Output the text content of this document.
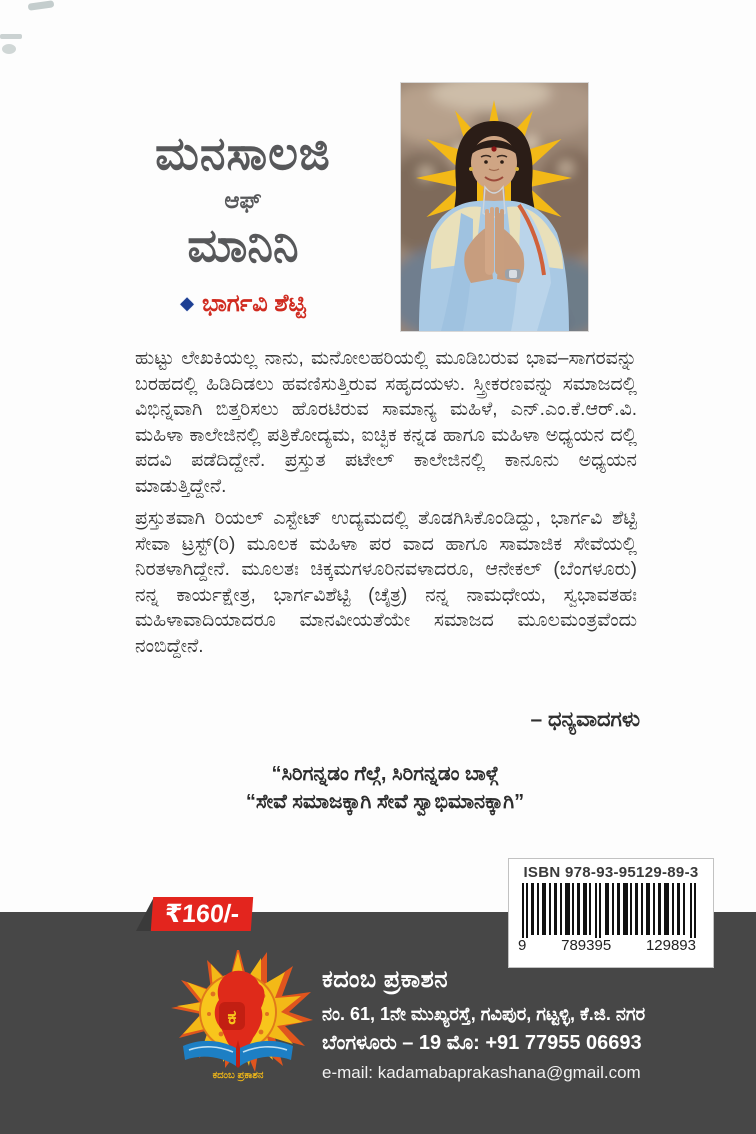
ಮನಸಾಲಜಿ
ಆಫ್
ಮಾನಿನಿ
◆ ಭಾರ್ಗವಿ ಶೆಟ್ಟಿ

ಹುಟ್ಟು ಲೇಖಕಿಯಲ್ಲ ನಾನು, ಮನೋಲಹರಿಯಲ್ಲಿ ಮೂಡಿಬರುವ ಭಾವ–ಸಾಗರವನ್ನು ಬರಹದಲ್ಲಿ ಹಿಡಿದಿಡಲು ಹವಣಿಸುತ್ತಿರುವ ಸಹೃದಯಳು. ಸ್ತ್ರೀಕರಣವನ್ನು ಸಮಾಜದಲ್ಲಿ ವಿಭಿನ್ನವಾಗಿ ಬಿತ್ತರಿಸಲು ಹೊರಟಿರುವ ಸಾಮಾನ್ಯ ಮಹಿಳೆ, ಎನ್.ಎಂ.ಕೆ.ಆರ್.ವಿ. ಮಹಿಳಾ ಕಾಲೇಜಿನಲ್ಲಿ ಪತ್ರಿಕೋದ್ಯಮ, ಐಚ್ಛಿಕ ಕನ್ನಡ ಹಾಗೂ ಮಹಿಳಾ ಅಧ್ಯಯನ ದಲ್ಲಿ ಪದವಿ ಪಡೆದಿದ್ದೇನೆ. ಪ್ರಸ್ತುತ ಪಟೇಲ್ ಕಾಲೇಜಿನಲ್ಲಿ ಕಾನೂನು ಅಧ್ಯಯನ ಮಾಡುತ್ತಿದ್ದೇನೆ.

ಪ್ರಸ್ತುತವಾಗಿ ರಿಯಲ್ ಎಸ್ಟೇಟ್ ಉದ್ಯಮದಲ್ಲಿ ತೊಡಗಿಸಿಕೊಂಡಿದ್ದು, ಭಾರ್ಗವಿ ಶೆಟ್ಟಿ ಸೇವಾ ಟ್ರಸ್ಟ್(ರಿ) ಮೂಲಕ ಮಹಿಳಾ ಪರ ವಾದ ಹಾಗೂ ಸಾಮಾಜಿಕ ಸೇವೆಯಲ್ಲಿ ನಿರತಳಾಗಿದ್ದೇನೆ. ಮೂಲತಃ ಚಿಕ್ಕಮಗಳೂರಿನವಳಾದರೂ, ಆನೇಕಲ್ (ಬೆಂಗಳೂರು) ನನ್ನ ಕಾರ್ಯಕ್ಷೇತ್ರ, ಭಾರ್ಗವಿಶೆಟ್ಟಿ (ಚೈತ್ರ) ನನ್ನ ನಾಮಧೇಯ, ಸ್ವಭಾವತಹಃ ಮಹಿಳಾವಾದಿಯಾದರೂ ಮಾನವೀಯತೆಯೇ ಸಮಾಜದ ಮೂಲಮಂತ್ರವೆಂದು ನಂಬಿದ್ದೇನೆ.

– ಧನ್ಯವಾದಗಳು
“ಸಿರಿಗನ್ನಡಂ ಗೆಲ್ಗೆ, ಸಿರಿಗನ್ನಡಂ ಬಾಳ್ಗೆ
“ಸೇವೆ ಸಮಾಜಕ್ಕಾಗಿ ಸೇವೆ ಸ್ವಾಭಿಮಾನಕ್ಕಾಗಿ”
₹160/-
ISBN 978-93-95129-89-3
9 789395 129893
ಕ
ಕದಂಬ ಪ್ರಕಾಶನ
ಕದಂಬ ಪ್ರಕಾಶನ
ನಂ. 61, 1ನೇ ಮುಖ್ಯರಸ್ತೆ, ಗವಿಪುರ, ಗಟ್ಟಳ್ಳಿ, ಕೆ.ಜಿ. ನಗರ
ಬೆಂಗಳೂರು – 19 ಮೊ: +91 77955 06693
e-mail: kadamabaprakashana@gmail.com
